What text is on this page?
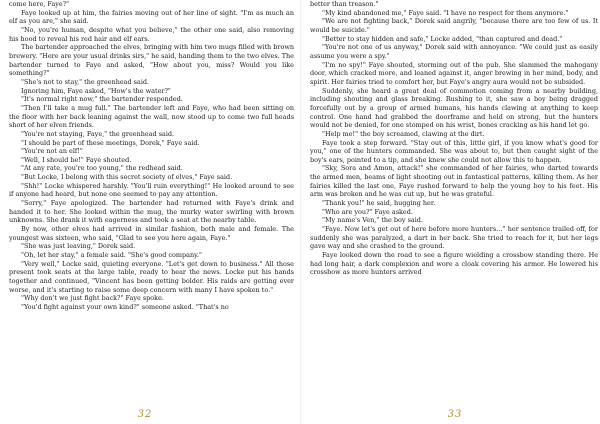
come here, Faye?"

Faye looked up at him, the fairies moving out of her line of sight. "I'm as much an elf as you are," she said.

"No, you're human, despite what you believe," the other one said, also removing his hood to reveal his red hair and elf ears.

The bartender approached the elves, bringing with him two mugs filled with brown brewery. "Here are your usual drinks sirs," he said, handing them to the two elves. The bartender turned to Faye and asked, "How about you, miss? Would you like something?"

"She's not to stay," the greenhead said.

Ignoring him, Faye asked, "How's the water?"

"It's normal right now," the bartender responded.

"Then I'll take a mug full." The bartender left and Faye, who had been sitting on the floor with her back leaning against the wall, now stood up to come two full heads short of her elven friends.

"You're not staying, Faye," the greenhead said.

"I should be part of these meetings, Dorek," Faye said.

"You're not an elf!"

"Well, I should be!" Faye shouted.

"At any rate, you're too young," the redhead said.

"But Locke, I belong with this secret society of elves," Faye said.

"Shh!" Locke whispered harshly. "You'll ruin everything!" He looked around to see if anyone had heard, but none one seemed to pay any attention.

"Sorry," Faye apologized. The bartender had returned with Faye's drink and handed it to her. She looked within the mug, the murky water swirling with brown unknowns. She drank it with eagerness and took a seat at the nearby table.

By now, other elves had arrived in similar fashion, both male and female. The youngest was sixteen, who said, "Glad to see you here again, Faye."

"She was just leaving," Dorek said.

"Oh, let her stay," a female said. "She's good company."

"Very well," Locke said, quieting everyone. "Let's get down to business." All those present took seats at the large table, ready to hear the news. Locke put his hands together and continued, "Vincent has been getting bolder. His raids are getting ever worse, and it's starting to raise some deep concern with many I have spoken to."

"Why don't we just fight back?" Faye spoke.

"You'd fight against your own kind?" someone asked. "That's no

32

better than treason."

"My kind abandoned me," Faye said. "I have no respect for them anymore."

"We are not fighting back," Dorek said angrily, "because there are too few of us. It would be suicide."

"Better to stay hidden and safe," Locke added, "than captured and dead."

"You're not one of us anyway," Dorek said with annoyance. "We could just as easily assume you were a spy."

"I'm no spy!" Faye shouted, storming out of the pub. She slammed the mahogany door, which cracked more, and leaned against it, anger brewing in her mind, body, and spirit. Her fairies tried to comfort her, but Faye's angry aura would not be subsided.

Suddenly, she heard a great deal of commotion coming from a nearby building, including shouting and glass breaking. Rushing to it, she saw a boy being dragged forcefully out by a group of armed humans, his hands clawing at anything to keep control. One hand had grabbed the doorframe and held on strong, but the hunters would not be denied, for one stomped on his wrist, bones cracking as his hand let go.

"Help me!" the boy screamed, clawing at the dirt.

Faye took a step forward. "Stay out of this, little girl, if you know what's good for you," one of the hunters commanded. She was about to, but then caught sight of the boy's ears, pointed to a tip, and she knew she could not allow this to happen.

"Sky, Sora and Amon, attack!" she commanded of her fairies, who darted towards the armed men, beams of light shooting out in fantastical patterns, killing them. As her fairies killed the last one, Faye rushed forward to help the young boy to his feet. His arm was broken and he was cut up, but he was grateful.

"Thank you!" he said, hugging her.

"Who are you?" Faye asked.

"My name's Ven," the boy said.

"Faye. Now let's get out of here before more hunters…" her sentence trailed off, for suddenly she was paralyzed, a dart in her back. She tried to reach for it, but her legs gave way and she crashed to the ground.

Faye looked down the road to see a figure wielding a crossbow standing there. He had long hair, a dark complexion and wore a cloak covering his armor. He lowered his crossbow as more hunters arrived

33
